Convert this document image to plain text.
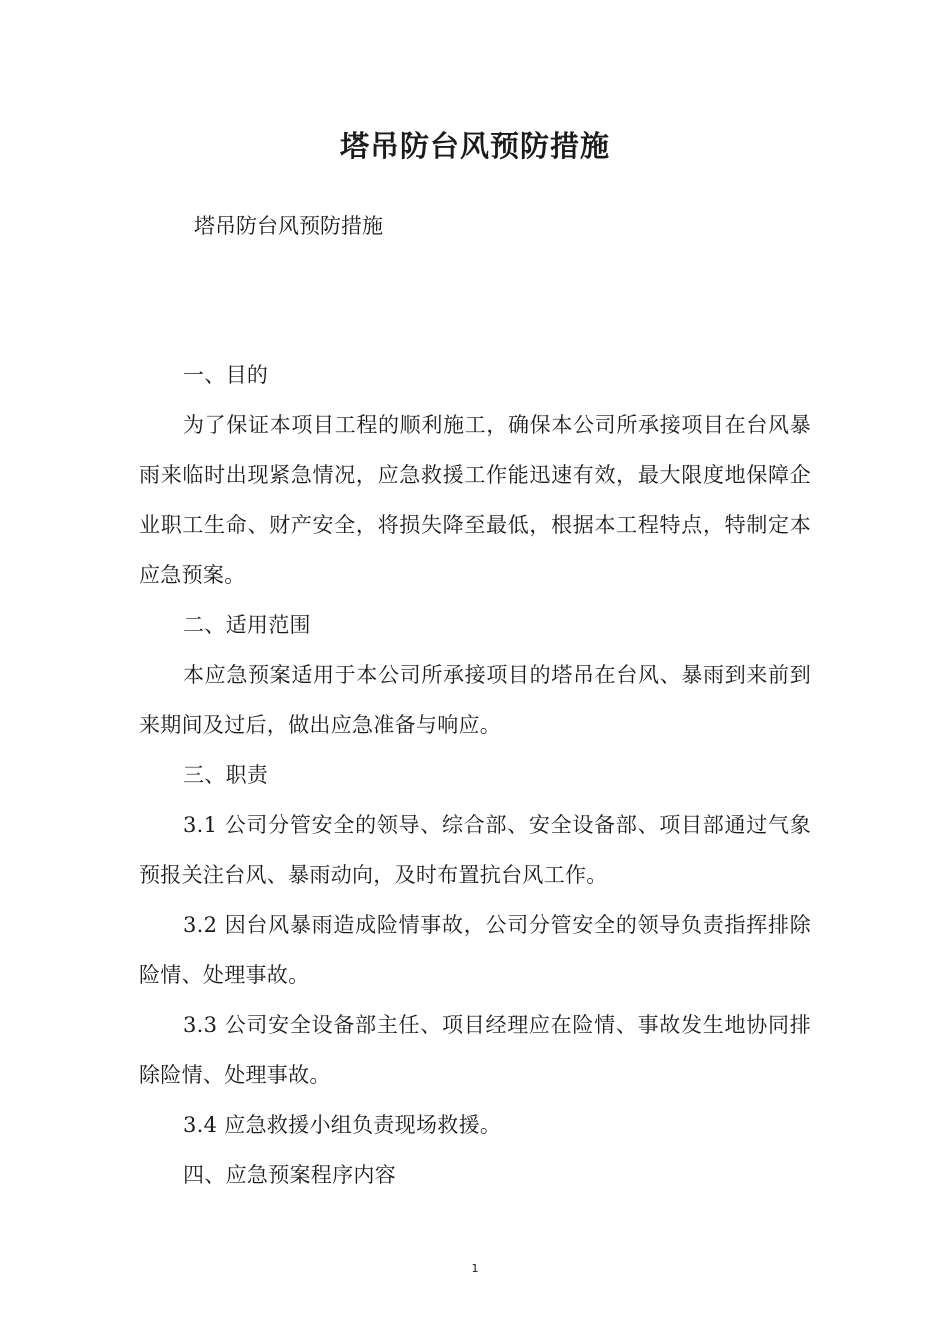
塔吊防台风预防措施

塔吊防台风预防措施

一、目的

为了保证本项目工程的顺利施工，确保本公司所承接项目在台风暴雨来临时出现紧急情况，应急救援工作能迅速有效，最大限度地保障企业职工生命、财产安全，将损失降至最低，根据本工程特点，特制定本应急预案。

二、适用范围

本应急预案适用于本公司所承接项目的塔吊在台风、暴雨到来前到来期间及过后，做出应急准备与响应。

三、职责

3.1 公司分管安全的领导、综合部、安全设备部、项目部通过气象预报关注台风、暴雨动向，及时布置抗台风工作。

3.2 因台风暴雨造成险情事故，公司分管安全的领导负责指挥排除险情、处理事故。

3.3 公司安全设备部主任、项目经理应在险情、事故发生地协同排除险情、处理事故。

3.4 应急救援小组负责现场救援。

四、应急预案程序内容

1
